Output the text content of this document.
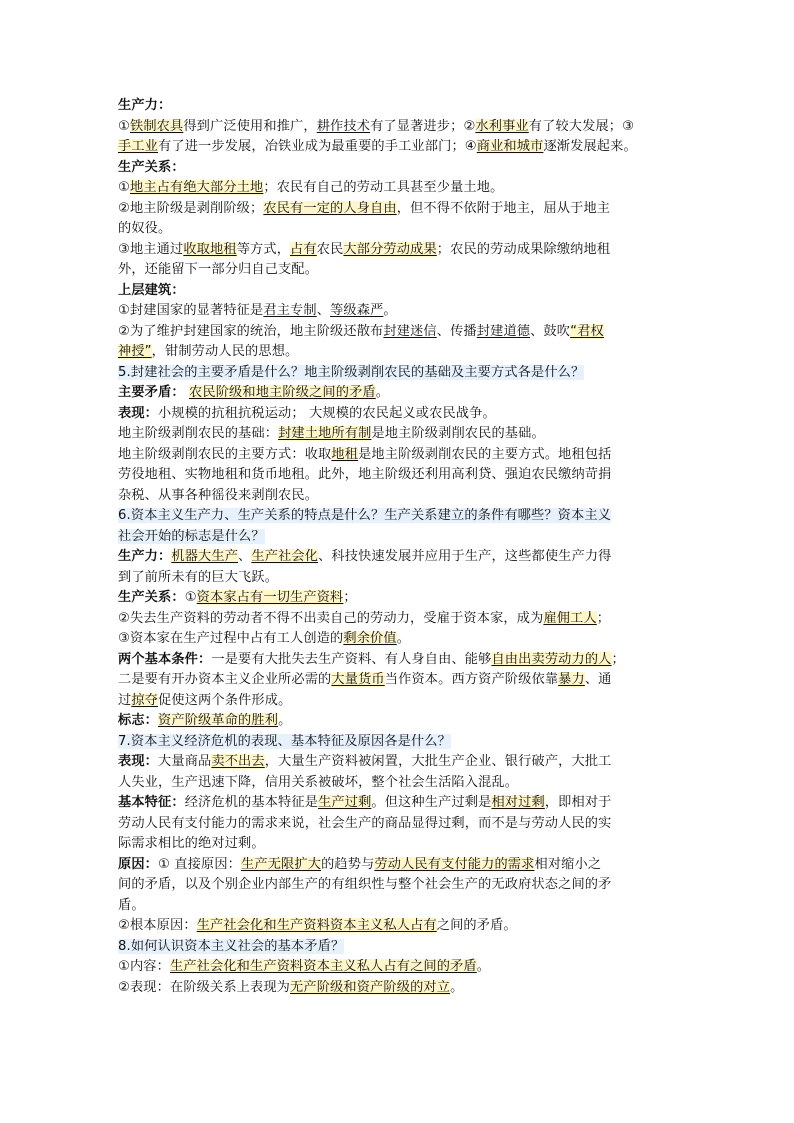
生产力：
①铁制农具得到广泛使用和推广，耕作技术有了显著进步；②水利事业有了较大发展；③
手工业有了进一步发展，冶铁业成为最重要的手工业部门；④商业和城市逐渐发展起来。
生产关系：
①地主占有绝大部分土地；农民有自己的劳动工具甚至少量土地。
②地主阶级是剥削阶级；农民有一定的人身自由，但不得不依附于地主，屈从于地主
的奴役。
③地主通过收取地租等方式，占有农民大部分劳动成果；农民的劳动成果除缴纳地租
外，还能留下一部分归自己支配。
上层建筑：
①封建国家的显著特征是君主专制、等级森严。
②为了维护封建国家的统治，地主阶级还散布封建迷信、传播封建道德、鼓吹“君权
神授”，钳制劳动人民的思想。
5.封建社会的主要矛盾是什么？地主阶级剥削农民的基础及主要方式各是什么？
主要矛盾： 农民阶级和地主阶级之间的矛盾。
表现：小规模的抗租抗税运动； 大规模的农民起义或农民战争。
地主阶级剥削农民的基础：封建土地所有制是地主阶级剥削农民的基础。
地主阶级剥削农民的主要方式：收取地租是地主阶级剥削农民的主要方式。地租包括
劳役地租、实物地租和货币地租。此外，地主阶级还利用高利贷、强迫农民缴纳苛捐
杂税、从事各种徭役来剥削农民。
6.资本主义生产力、生产关系的特点是什么？生产关系建立的条件有哪些？资本主义
社会开始的标志是什么？
生产力：机器大生产、生产社会化、科技快速发展并应用于生产，这些都使生产力得
到了前所未有的巨大飞跃。
生产关系：①资本家占有一切生产资料；
②失去生产资料的劳动者不得不出卖自己的劳动力，受雇于资本家，成为雇佣工人；
③资本家在生产过程中占有工人创造的剩余价值。
两个基本条件：一是要有大批失去生产资料、有人身自由、能够自由出卖劳动力的人；
二是要有开办资本主义企业所必需的大量货币当作资本。西方资产阶级依靠暴力、通
过掠夺促使这两个条件形成。
标志：资产阶级革命的胜利。
7.资本主义经济危机的表现、基本特征及原因各是什么？
表现：大量商品卖不出去，大量生产资料被闲置，大批生产企业、银行破产，大批工
人失业，生产迅速下降，信用关系被破坏，整个社会生活陷入混乱。
基本特征：经济危机的基本特征是生产过剩。但这种生产过剩是相对过剩，即相对于
劳动人民有支付能力的需求来说，社会生产的商品显得过剩，而不是与劳动人民的实
际需求相比的绝对过剩。
原因：① 直接原因：生产无限扩大的趋势与劳动人民有支付能力的需求相对缩小之
间的矛盾，以及个别企业内部生产的有组织性与整个社会生产的无政府状态之间的矛
盾。
②根本原因：生产社会化和生产资料资本主义私人占有之间的矛盾。
8.如何认识资本主义社会的基本矛盾？
①内容：生产社会化和生产资料资本主义私人占有之间的矛盾。
②表现：在阶级关系上表现为无产阶级和资产阶级的对立。
